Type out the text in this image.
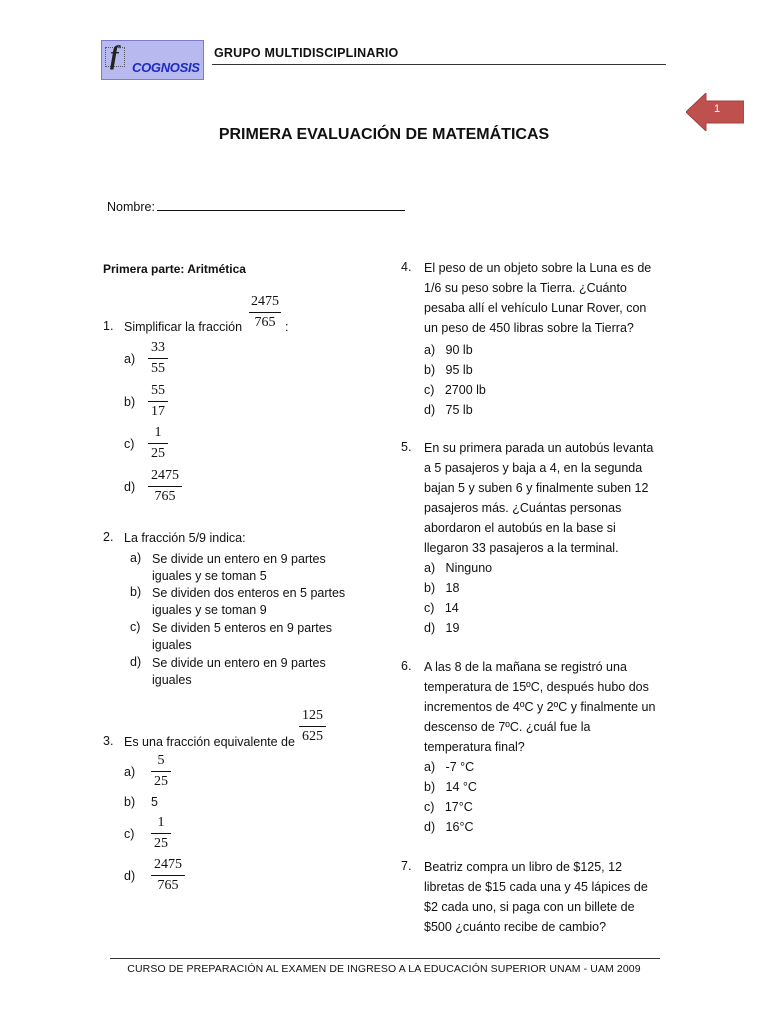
f COGNOSIS
GRUPO MULTIDISCIPLINARIO
1
PRIMERA EVALUACIÓN DE MATEMÁTICAS
Nombre:
Primera parte: Aritmética
1. Simplificar la fracción
2475
765 :
a)
33
55
b)
55
17
c)
1
25
d)
2475
765
2. La fracción 5/9 indica:
a) Se divide un entero en 9 partes
iguales y se toman 5
b) Se dividen dos enteros en 5 partes
iguales y se toman 9
c) Se dividen 5 enteros en 9 partes
iguales
d) Se divide un entero en 9 partes
iguales
3. Es una fracción equivalente de
125
625
a)
5
25
b) 5
c)
1
25
d)
2475
765
4. El peso de un objeto sobre la Luna es de
1/6 su peso sobre la Tierra. ¿Cuánto
pesaba allí el vehículo Lunar Rover, con
un peso de 450 libras sobre la Tierra?
a) 90 lb
b) 95 lb
c) 2700 lb
d) 75 lb
5. En su primera parada un autobús levanta
a 5 pasajeros y baja a 4, en la segunda
bajan 5 y suben 6 y finalmente suben 12
pasajeros más. ¿Cuántas personas
abordaron el autobús en la base si
llegaron 33 pasajeros a la terminal.
a) Ninguno
b) 18
c) 14
d) 19
6. A las 8 de la mañana se registró una
temperatura de 15ºC, después hubo dos
incrementos de 4ºC y 2ºC y finalmente un
descenso de 7ºC. ¿cuál fue la
temperatura final?
a) -7 °C
b) 14 °C
c) 17°C
d) 16°C
7. Beatriz compra un libro de $125, 12
libretas de $15 cada una y 45 lápices de
$2 cada uno, si paga con un billete de
$500 ¿cuánto recibe de cambio?
CURSO DE PREPARACIÓN AL EXAMEN DE INGRESO A LA EDUCACIÓN SUPERIOR UNAM - UAM 2009
